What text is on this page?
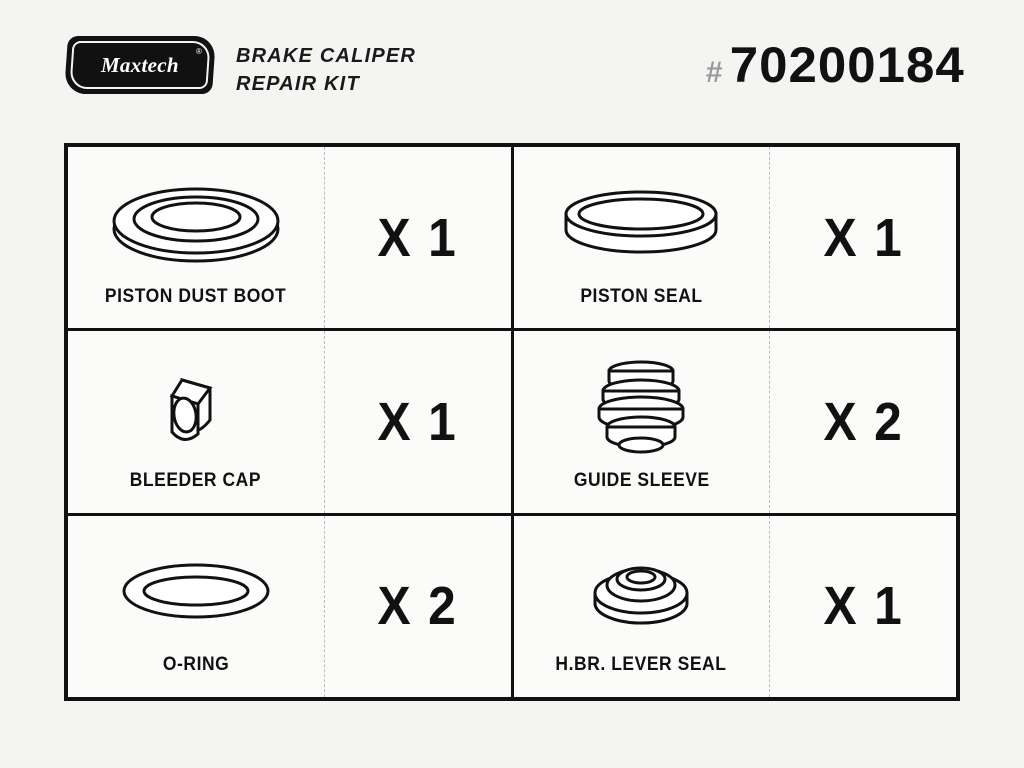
Maxtech
® BRAKE CALIPER
REPAIR KIT	# 70200184
PISTON DUST BOOT
X 1
PISTON SEAL
X 1
BLEEDER CAP
X 1
GUIDE SLEEVE
X 2
O-RING
X 2
H.BR. LEVER SEAL
X 1
